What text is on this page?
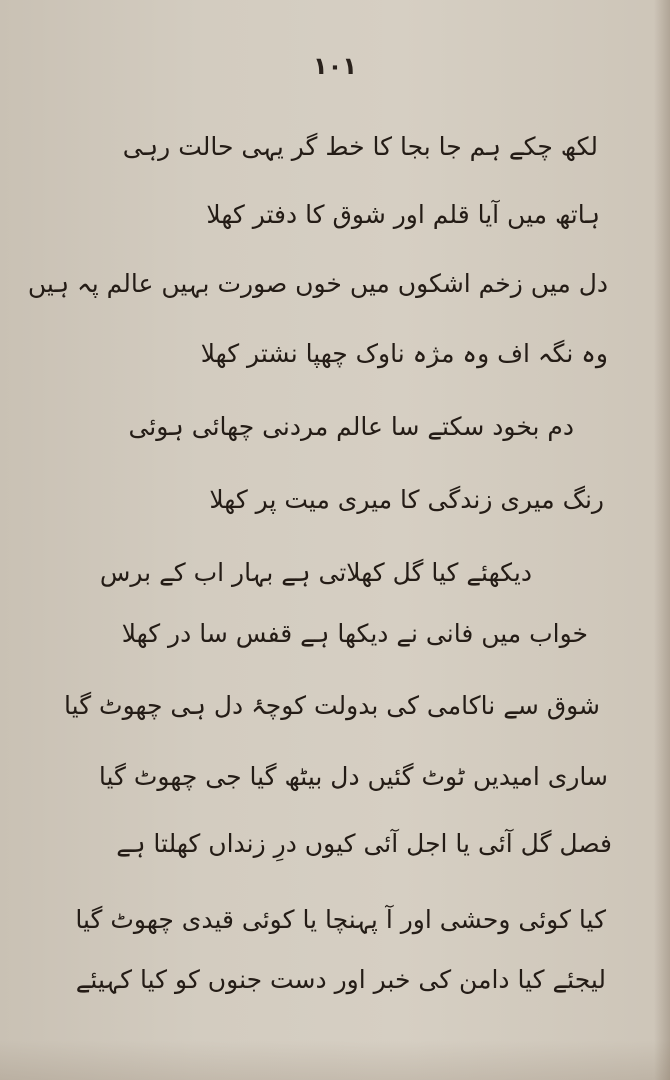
١٠١
لکھ چکے ہم جا بجا کا خط گر یہی حالت رہی
ہاتھ میں آیا قلم اور شوق کا دفتر کھلا
دل میں زخم اشکوں میں خوں صورت بہیں عالم پہ ہیں
وہ نگہ اف وہ مژہ ناوک چھپا نشتر کھلا
دم بخود سکتے سا عالم مردنی چھائی ہوئی
رنگ میری زندگی کا میری میت پر کھلا
دیکھئے کیا گل کھلاتی ہے بہار اب کے برس
خواب میں فانی نے دیکھا ہے قفس سا در کھلا
شوق سے ناکامی کی بدولت کوچۂ دل ہی چھوٹ گیا
ساری امیدیں ٹوٹ گئیں دل بیٹھ گیا جی چھوٹ گیا
فصل گل آئی یا اجل آئی کیوں درِ زنداں کھلتا ہے
کیا کوئی وحشی اور آ پہنچا یا کوئی قیدی چھوٹ گیا
لیجئے کیا دامن کی خبر اور دست جنوں کو کیا کہیئے
